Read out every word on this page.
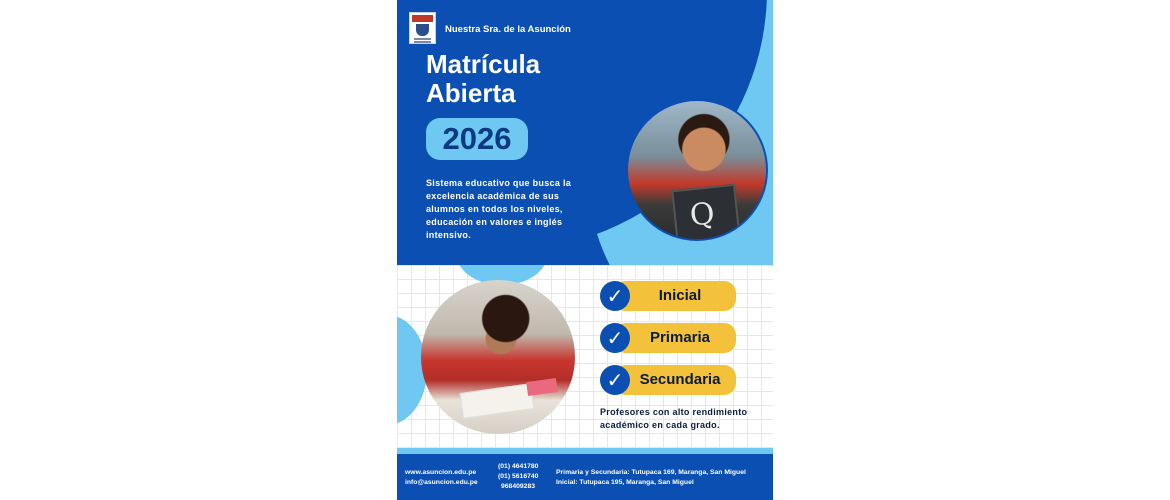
Nuestra Sra. de la Asunción
Matrícula
Abierta
2026
Sistema educativo que busca la excelencia académica de sus alumnos en todos los niveles, educación en valores e inglés intensivo.
Q
Inicial
✓
Primaria
✓
Secundaria
✓
Profesores con alto rendimiento académico en cada grado.
www.asuncion.edu.pe
info@asuncion.edu.pe
(01) 4641780
(01) 5616740
968409283
Primaria y Secundaria: Tutupaca 169, Maranga, San Miguel
Inicial: Tutupaca 195, Maranga, San Miguel
